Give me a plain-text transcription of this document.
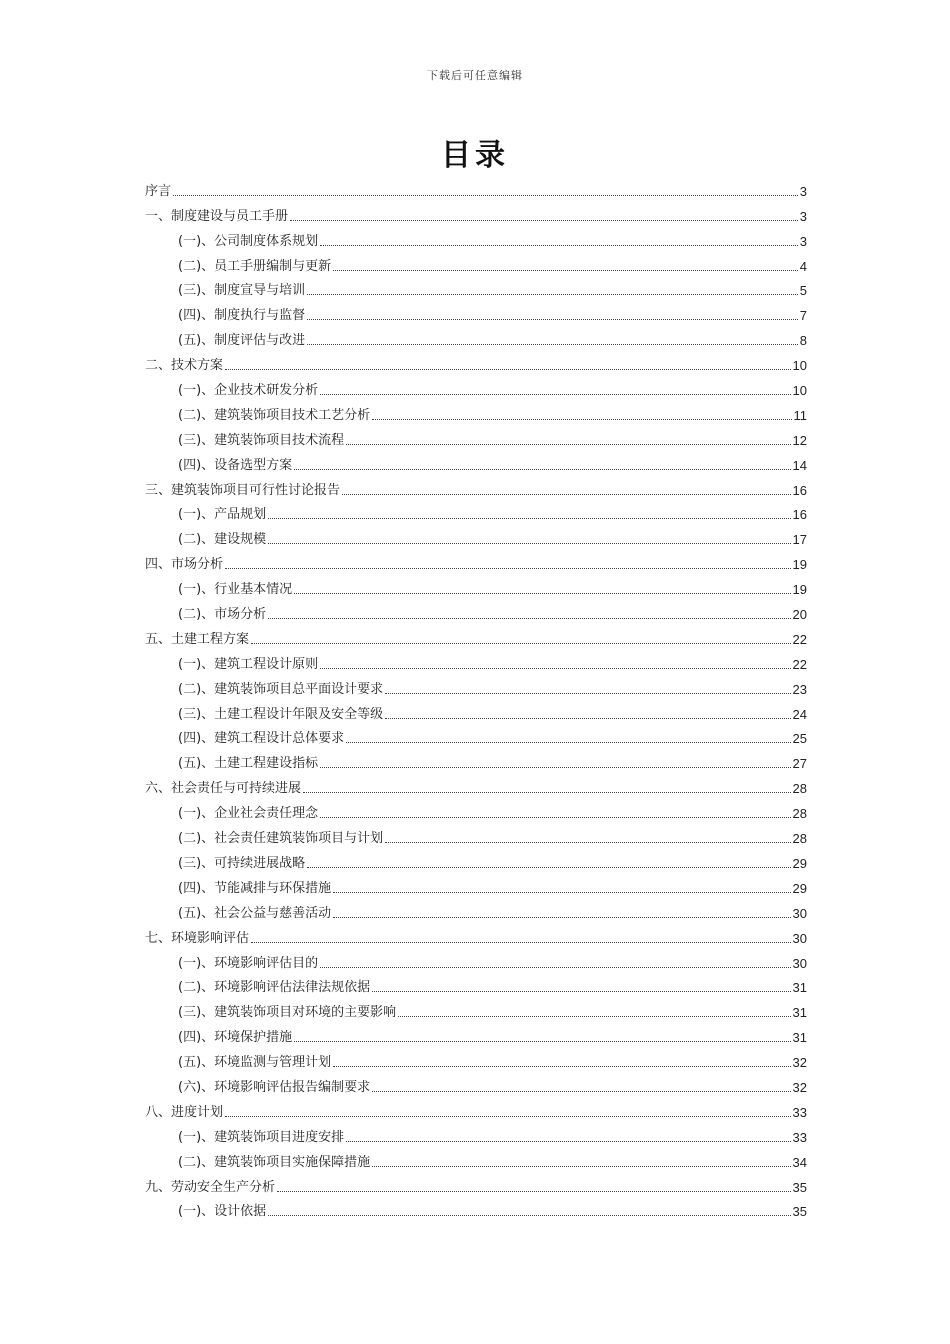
下载后可任意编辑
目录
序言	3
一、制度建设与员工手册	3
(一)、公司制度体系规划	3
(二)、员工手册编制与更新	4
(三)、制度宣导与培训	5
(四)、制度执行与监督	7
(五)、制度评估与改进	8
二、技术方案	10
(一)、企业技术研发分析	10
(二)、建筑装饰项目技术工艺分析	11
(三)、建筑装饰项目技术流程	12
(四)、设备选型方案	14
三、建筑装饰项目可行性讨论报告	16
(一)、产品规划	16
(二)、建设规模	17
四、市场分析	19
(一)、行业基本情况	19
(二)、市场分析	20
五、土建工程方案	22
(一)、建筑工程设计原则	22
(二)、建筑装饰项目总平面设计要求	23
(三)、土建工程设计年限及安全等级	24
(四)、建筑工程设计总体要求	25
(五)、土建工程建设指标	27
六、社会责任与可持续进展	28
(一)、企业社会责任理念	28
(二)、社会责任建筑装饰项目与计划	28
(三)、可持续进展战略	29
(四)、节能减排与环保措施	29
(五)、社会公益与慈善活动	30
七、环境影响评估	30
(一)、环境影响评估目的	30
(二)、环境影响评估法律法规依据	31
(三)、建筑装饰项目对环境的主要影响	31
(四)、环境保护措施	31
(五)、环境监测与管理计划	32
(六)、环境影响评估报告编制要求	32
八、进度计划	33
(一)、建筑装饰项目进度安排	33
(二)、建筑装饰项目实施保障措施	34
九、劳动安全生产分析	35
(一)、设计依据	35
